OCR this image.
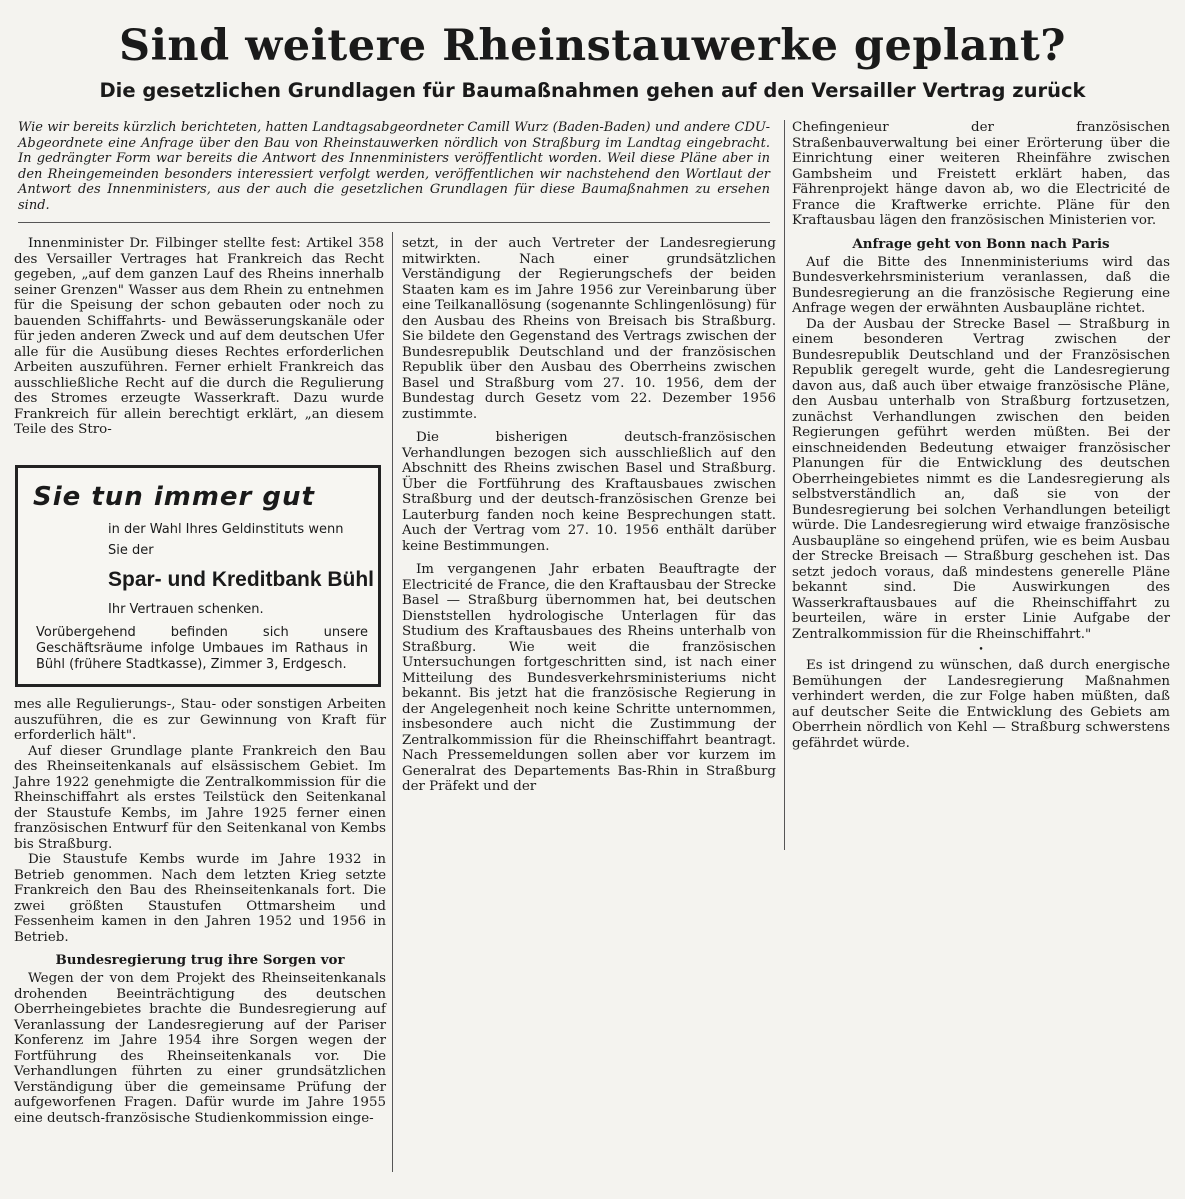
Sind weitere Rheinstauwerke geplant?
Die gesetzlichen Grundlagen für Baumaßnahmen gehen auf den Versailler Vertrag zurück
Wie wir bereits kürzlich berichteten, hatten Landtagsabgeordneter Camill Wurz (Baden-Baden) und andere CDU-Abgeordnete eine Anfrage über den Bau von Rheinstauwerken nördlich von Straßburg im Landtag eingebracht. In gedrängter Form war bereits die Antwort des Innenministers veröffentlicht worden. Weil diese Pläne aber in den Rheingemeinden besonders interessiert verfolgt werden, veröffentlichen wir nachstehend den Wortlaut der Antwort des Innenministers, aus der auch die gesetzlichen Grundlagen für diese Baumaßnahmen zu ersehen sind.

Innenminister Dr. Filbinger stellte fest: Artikel 358 des Versailler Vertrages hat Frankreich das Recht gegeben, „auf dem ganzen Lauf des Rheins innerhalb seiner Grenzen" Wasser aus dem Rhein zu entnehmen für die Speisung der schon gebauten oder noch zu bauenden Schiffahrts- und Bewässerungskanäle oder für jeden anderen Zweck und auf dem deutschen Ufer alle für die Ausübung dieses Rechtes erforderlichen Arbeiten auszuführen. Ferner erhielt Frankreich das ausschließliche Recht auf die durch die Regulierung des Stromes erzeugte Wasserkraft. Dazu wurde Frankreich für allein berechtigt erklärt, „an diesem Teile des Stro-

Sie tun immer gut
in der Wahl Ihres Geldinstituts wenn
Sie der
Spar- und Kreditbank Bühl
Ihr Vertrauen schenken.
Vorübergehend befinden sich unsere Geschäftsräume infolge Umbaues im Rathaus in Bühl (frühere Stadtkasse), Zimmer 3, Erdgesch.

mes alle Regulierungs-, Stau- oder sonstigen Arbeiten auszuführen, die es zur Gewinnung von Kraft für erforderlich hält".

Auf dieser Grundlage plante Frankreich den Bau des Rheinseitenkanals auf elsässischem Gebiet. Im Jahre 1922 genehmigte die Zentralkommission für die Rheinschiffahrt als erstes Teilstück den Seitenkanal der Staustufe Kembs, im Jahre 1925 ferner einen französischen Entwurf für den Seitenkanal von Kembs bis Straßburg.

Die Staustufe Kembs wurde im Jahre 1932 in Betrieb genommen. Nach dem letzten Krieg setzte Frankreich den Bau des Rheinseitenkanals fort. Die zwei größten Staustufen Ottmarsheim und Fessenheim kamen in den Jahren 1952 und 1956 in Betrieb.

Bundesregierung trug ihre Sorgen vor

Wegen der von dem Projekt des Rheinseitenkanals drohenden Beeinträchtigung des deutschen Oberrheingebietes brachte die Bundesregierung auf Veranlassung der Landesregierung auf der Pariser Konferenz im Jahre 1954 ihre Sorgen wegen der Fortführung des Rheinseitenkanals vor. Die Verhandlungen führten zu einer grundsätzlichen Verständigung über die gemeinsame Prüfung der aufgeworfenen Fragen. Dafür wurde im Jahre 1955 eine deutsch-französische Studienkommission einge-

setzt, in der auch Vertreter der Landesregierung mitwirkten. Nach einer grundsätzlichen Verständigung der Regierungschefs der beiden Staaten kam es im Jahre 1956 zur Vereinbarung über eine Teilkanallösung (sogenannte Schlingenlösung) für den Ausbau des Rheins von Breisach bis Straßburg. Sie bildete den Gegenstand des Vertrags zwischen der Bundesrepublik Deutschland und der französischen Republik über den Ausbau des Oberrheins zwischen Basel und Straßburg vom 27. 10. 1956, dem der Bundestag durch Gesetz vom 22. Dezember 1956 zustimmte.

Die bisherigen deutsch-französischen Verhandlungen bezogen sich ausschließlich auf den Abschnitt des Rheins zwischen Basel und Straßburg. Über die Fortführung des Kraftausbaues zwischen Straßburg und der deutsch-französischen Grenze bei Lauterburg fanden noch keine Besprechungen statt. Auch der Vertrag vom 27. 10. 1956 enthält darüber keine Bestimmungen.

Im vergangenen Jahr erbaten Beauftragte der Electricité de France, die den Kraftausbau der Strecke Basel — Straßburg übernommen hat, bei deutschen Dienststellen hydrologische Unterlagen für das Studium des Kraftausbaues des Rheins unterhalb von Straßburg. Wie weit die französischen Untersuchungen fortgeschritten sind, ist nach einer Mitteilung des Bundesverkehrsministeriums nicht bekannt. Bis jetzt hat die französische Regierung in der Angelegenheit noch keine Schritte unternommen, insbesondere auch nicht die Zustimmung der Zentralkommission für die Rheinschiffahrt beantragt. Nach Pressemeldungen sollen aber vor kurzem im Generalrat des Departements Bas-Rhin in Straßburg der Präfekt und der

Chefingenieur der französischen Straßenbauverwaltung bei einer Erörterung über die Einrichtung einer weiteren Rheinfähre zwischen Gambsheim und Freistett erklärt haben, das Fährenprojekt hänge davon ab, wo die Electricité de France die Kraftwerke errichte. Pläne für den Kraftausbau lägen den französischen Ministerien vor.

Anfrage geht von Bonn nach Paris

Auf die Bitte des Innenministeriums wird das Bundesverkehrsministerium veranlassen, daß die Bundesregierung an die französische Regierung eine Anfrage wegen der erwähnten Ausbaupläne richtet.

Da der Ausbau der Strecke Basel — Straßburg in einem besonderen Vertrag zwischen der Bundesrepublik Deutschland und der Französischen Republik geregelt wurde, geht die Landesregierung davon aus, daß auch über etwaige französische Pläne, den Ausbau unterhalb von Straßburg fortzusetzen, zunächst Verhandlungen zwischen den beiden Regierungen geführt werden müßten. Bei der einschneidenden Bedeutung etwaiger französischer Planungen für die Entwicklung des deutschen Oberrheingebietes nimmt es die Landesregierung als selbstverständlich an, daß sie von der Bundesregierung bei solchen Verhandlungen beteiligt würde. Die Landesregierung wird etwaige französische Ausbaupläne so eingehend prüfen, wie es beim Ausbau der Strecke Breisach — Straßburg geschehen ist. Das setzt jedoch voraus, daß mindestens generelle Pläne bekannt sind. Die Auswirkungen des Wasserkraftausbaues auf die Rheinschiffahrt zu beurteilen, wäre in erster Linie Aufgabe der Zentralkommission für die Rheinschiffahrt."

•

Es ist dringend zu wünschen, daß durch energische Bemühungen der Landesregierung Maßnahmen verhindert werden, die zur Folge haben müßten, daß auf deutscher Seite die Entwicklung des Gebiets am Oberrhein nördlich von Kehl — Straßburg schwerstens gefährdet würde.
